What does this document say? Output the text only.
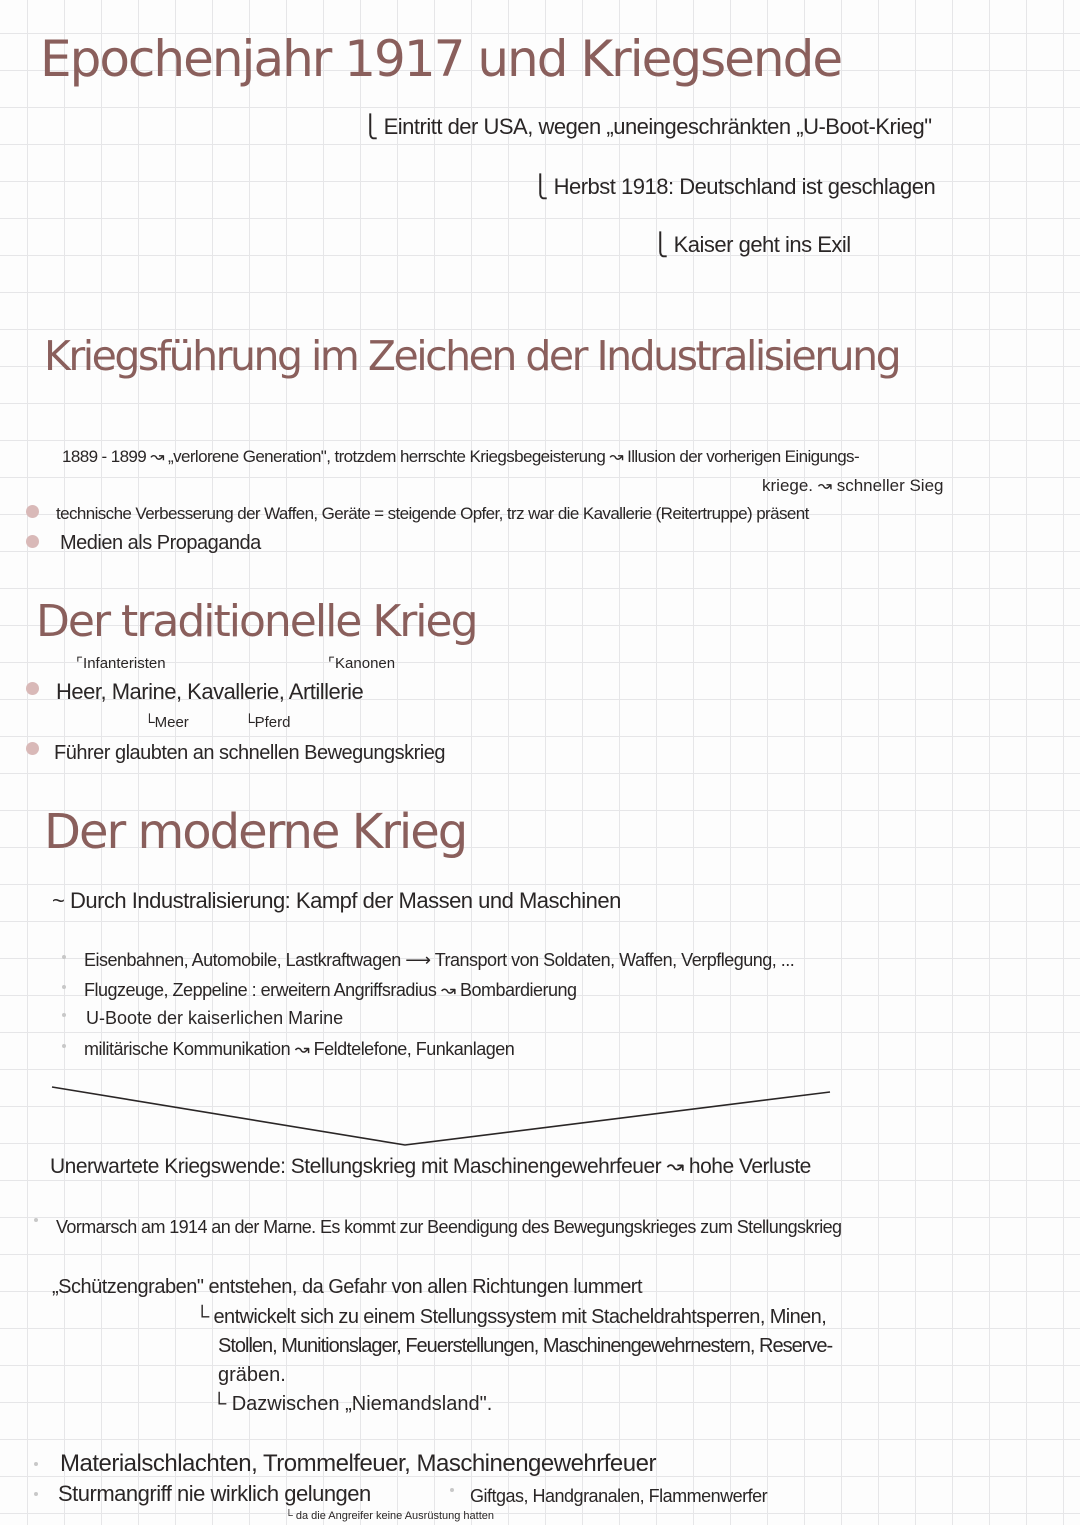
Epochenjahr 1917 und Kriegsende
⎩ Eintritt der USA, wegen „uneingeschränkten „U-Boot-Krieg"
⎩ Herbst 1918: Deutschland ist geschlagen
⎩ Kaiser geht ins Exil
Kriegsführung im Zeichen der Industralisierung
1889 - 1899 ↝ „verlorene Generation", trotzdem herrschte Kriegsbegeisterung ↝ Illusion der vorherigen Einigungs-
kriege. ↝ schneller Sieg
technische Verbesserung der Waffen, Geräte = steigende Opfer, trz war die Kavallerie (Reitertruppe) präsent
Medien als Propaganda
Der traditionelle Krieg
⌜Infanteristen	⌜Kanonen
Heer, Marine, Kavallerie, Artillerie
└Meer	└Pferd
Führer glaubten an schnellen Bewegungskrieg
Der moderne Krieg
~ Durch Industralisierung: Kampf der Massen und Maschinen
Eisenbahnen, Automobile, Lastkraftwagen ⟶ Transport von Soldaten, Waffen, Verpflegung, ...
Flugzeuge, Zeppeline : erweitern Angriffsradius ↝ Bombardierung
U-Boote der kaiserlichen Marine
militärische Kommunikation ↝ Feldtelefone, Funkanlagen
Unerwartete Kriegswende: Stellungskrieg mit Maschinengewehrfeuer ↝ hohe Verluste
Vormarsch am 1914 an der Marne. Es kommt zur Beendigung des Bewegungskrieges zum Stellungskrieg
„Schützengraben" entstehen, da Gefahr von allen Richtungen lummert
└ entwickelt sich zu einem Stellungssystem mit Stacheldrahtsperren, Minen,
Stollen, Munitionslager, Feuerstellungen, Maschinengewehrnestern, Reserve-
gräben.
└ Dazwischen „Niemandsland".
Materialschlachten, Trommelfeuer, Maschinengewehrfeuer
Sturmangriff nie wirklich gelungen	Giftgas, Handgranalen, Flammenwerfer
└ da die Angreifer keine Ausrüstung hatten
